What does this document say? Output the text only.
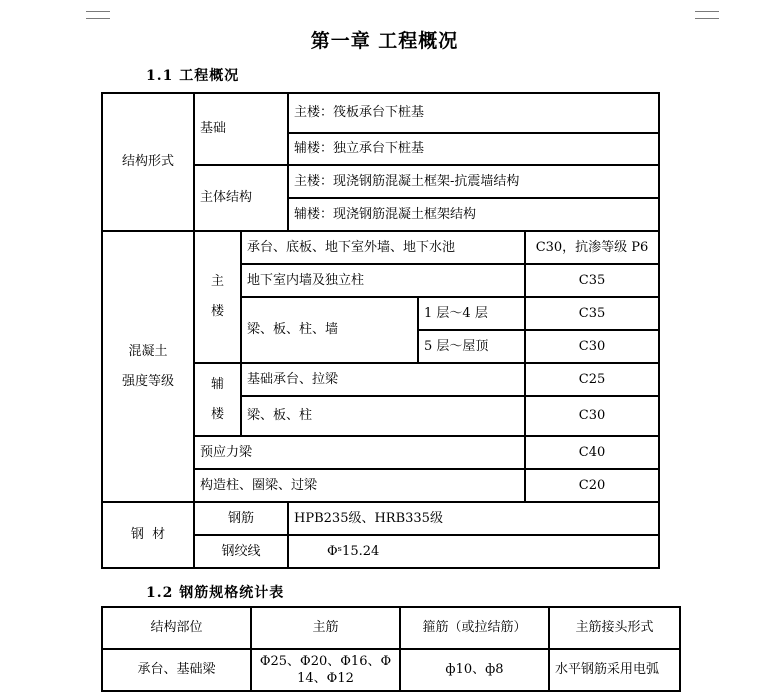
第一章 工程概况
1.1 工程概况
结构形式	基础		主楼：筏板承台下桩基		
			辅楼：独立承台下桩基		
	主体结构		主楼：现浇钢筋混凝土框架-抗震墙结构		
			辅楼：现浇钢筋混凝土框架结构		
混凝土
强度等级	主楼	承台、底板、地下室外墙、地下水池			C30，抗渗等级 P6
		地下室内墙及独立柱			C35
		梁、板、柱、墙		1 层～4 层	C35
				5 层～屋顶	C30

	辅楼	基础承台、拉梁			C25
		梁、板、柱			C30
	预应力梁				C40
	构造柱、圈梁、过梁				C20
钢  材	钢筋		HPB235级、HRB335级		
	钢绞线		Φˢ15.24		
1.2 钢筋规格统计表
结构部位	主筋	箍筋（或拉结筋）	主筋接头形式
承台、基础梁	Φ25、Φ20、Φ16、Φ
14、Φ12	ф10、ф8	水平钢筋采用电弧
